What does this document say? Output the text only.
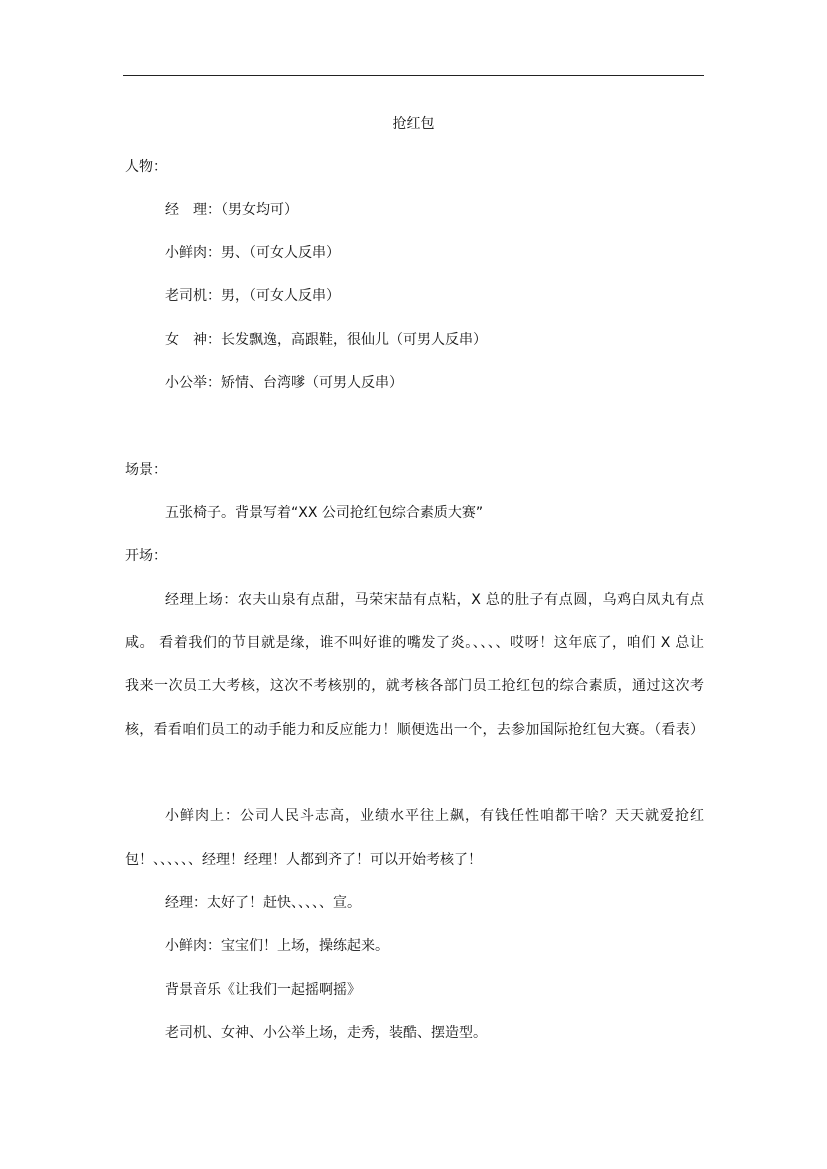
抢红包
人物：
经　理：（男女均可）
小鲜肉：男、（可女人反串）
老司机：男，（可女人反串）
女　神：长发飘逸，高跟鞋，很仙儿（可男人反串）
小公举：矫情、台湾嗲（可男人反串）
场景：
五张椅子。背景写着“XX 公司抢红包综合素质大赛”
开场：
经理上场：农夫山泉有点甜，马荣宋喆有点粘，X 总的肚子有点圆，乌鸡白凤丸有点
咸。 看着我们的节目就是缘，谁不叫好谁的嘴发了炎。、、、、哎呀！这年底了，咱们 X 总让
我来一次员工大考核，这次不考核别的，就考核各部门员工抢红包的综合素质，通过这次考
核，看看咱们员工的动手能力和反应能力！顺便选出一个，去参加国际抢红包大赛。（看表）
小鲜肉上：公司人民斗志高，业绩水平往上飙，有钱任性咱都干啥？天天就爱抢红
包！、、、、、、经理！经理！人都到齐了！可以开始考核了！
经理：太好了！赶快、、、、、宣。
小鲜肉：宝宝们！上场，操练起来。
背景音乐《让我们一起摇啊摇》
老司机、女神、小公举上场，走秀，装酷、摆造型。
